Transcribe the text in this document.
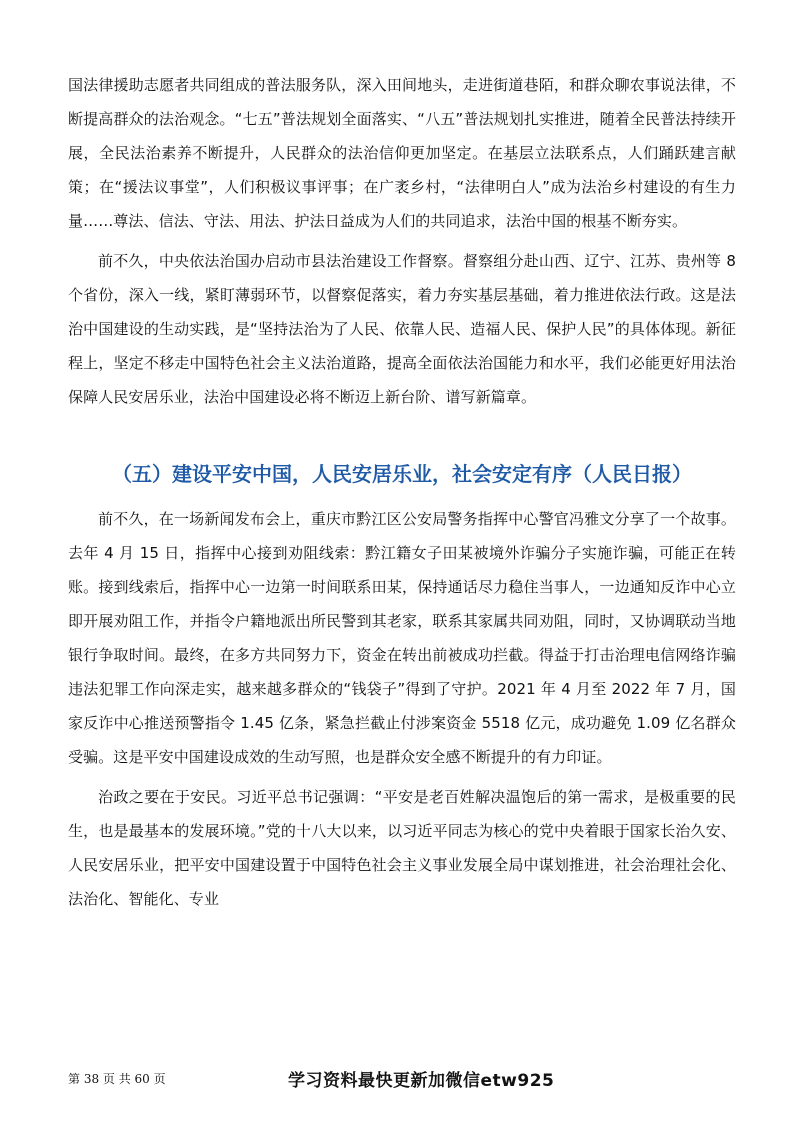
国法律援助志愿者共同组成的普法服务队，深入田间地头，走进街道巷陌，和群众聊农事说法律，不断提高群众的法治观念。“七五”普法规划全面落实、“八五”普法规划扎实推进，随着全民普法持续开展，全民法治素养不断提升，人民群众的法治信仰更加坚定。在基层立法联系点，人们踊跃建言献策；在“援法议事堂”，人们积极议事评事；在广袤乡村，“法律明白人”成为法治乡村建设的有生力量……尊法、信法、守法、用法、护法日益成为人们的共同追求，法治中国的根基不断夯实。

前不久，中央依法治国办启动市县法治建设工作督察。督察组分赴山西、辽宁、江苏、贵州等 8 个省份，深入一线，紧盯薄弱环节，以督察促落实，着力夯实基层基础，着力推进依法行政。这是法治中国建设的生动实践，是“坚持法治为了人民、依靠人民、造福人民、保护人民”的具体体现。新征程上，坚定不移走中国特色社会主义法治道路，提高全面依法治国能力和水平，我们必能更好用法治保障人民安居乐业，法治中国建设必将不断迈上新台阶、谱写新篇章。

（五）建设平安中国，人民安居乐业，社会安定有序（人民日报）

前不久，在一场新闻发布会上，重庆市黔江区公安局警务指挥中心警官冯雅文分享了一个故事。去年 4 月 15 日，指挥中心接到劝阻线索：黔江籍女子田某被境外诈骗分子实施诈骗，可能正在转账。接到线索后，指挥中心一边第一时间联系田某，保持通话尽力稳住当事人，一边通知反诈中心立即开展劝阻工作，并指令户籍地派出所民警到其老家，联系其家属共同劝阻，同时，又协调联动当地银行争取时间。最终，在多方共同努力下，资金在转出前被成功拦截。得益于打击治理电信网络诈骗违法犯罪工作向深走实，越来越多群众的“钱袋子”得到了守护。2021 年 4 月至 2022 年 7 月，国家反诈中心推送预警指令 1.45 亿条，紧急拦截止付涉案资金 5518 亿元，成功避免 1.09 亿名群众受骗。这是平安中国建设成效的生动写照，也是群众安全感不断提升的有力印证。

治政之要在于安民。习近平总书记强调：“平安是老百姓解决温饱后的第一需求，是极重要的民生，也是最基本的发展环境。”党的十八大以来，以习近平同志为核心的党中央着眼于国家长治久安、人民安居乐业，把平安中国建设置于中国特色社会主义事业发展全局中谋划推进，社会治理社会化、法治化、智能化、专业

第 38 页 共 60 页	学习资料最快更新加微信etw925
